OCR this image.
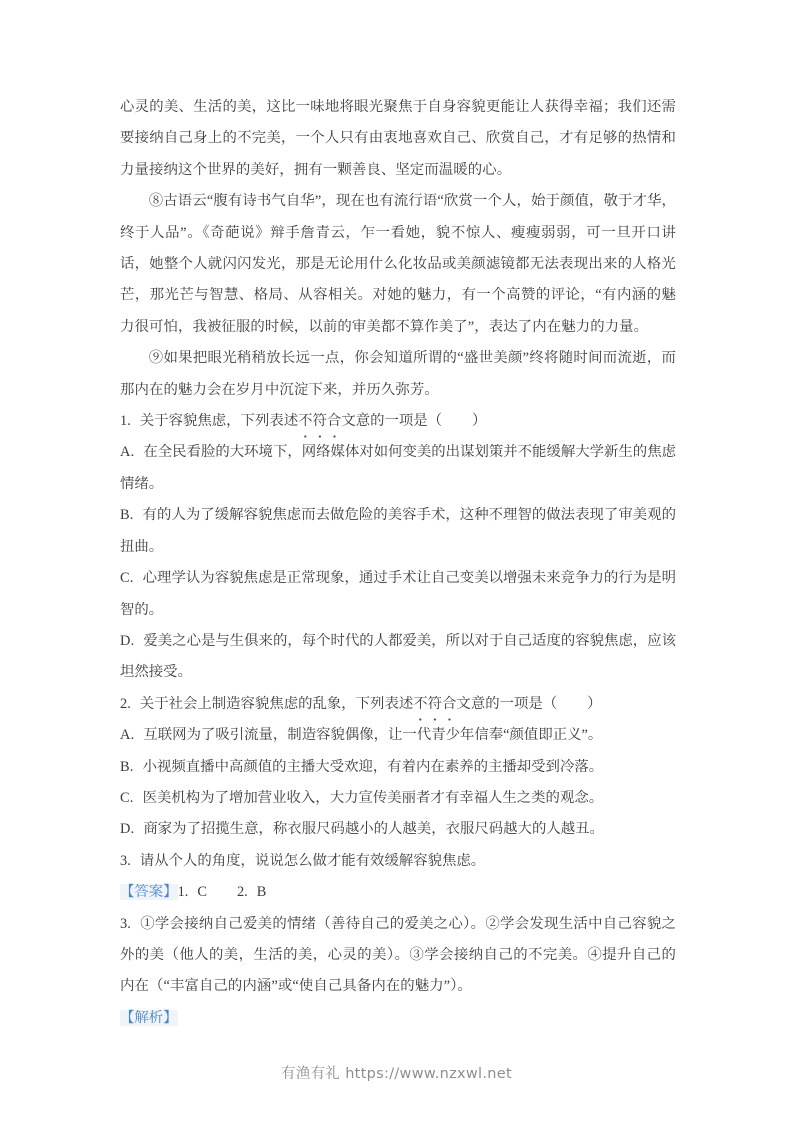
心灵的美、生活的美，这比一味地将眼光聚焦于自身容貌更能让人获得幸福；我们还需要接纳自己身上的不完美，一个人只有由衷地喜欢自己、欣赏自己，才有足够的热情和力量接纳这个世界的美好，拥有一颗善良、坚定而温暖的心。

⑧古语云“腹有诗书气自华”，现在也有流行语“欣赏一个人，始于颜值，敬于才华，终于人品”。《奇葩说》辩手詹青云，乍一看她，貌不惊人、瘦瘦弱弱，可一旦开口讲话，她整个人就闪闪发光，那是无论用什么化妆品或美颜滤镜都无法表现出来的人格光芒，那光芒与智慧、格局、从容相关。对她的魅力，有一个高赞的评论，“有内涵的魅力很可怕，我被征服的时候，以前的审美都不算作美了”，表达了内在魅力的力量。

⑨如果把眼光稍稍放长远一点，你会知道所谓的“盛世美颜”终将随时间而流逝，而那内在的魅力会在岁月中沉淀下来，并历久弥芳。

1. 关于容貌焦虑，下列表述不符合文意的一项是（ ）

A. 在全民看脸的大环境下，网络媒体对如何变美的出谋划策并不能缓解大学新生的焦虑情绪。

B. 有的人为了缓解容貌焦虑而去做危险的美容手术，这种不理智的做法表现了审美观的扭曲。

C. 心理学认为容貌焦虑是正常现象，通过手术让自己变美以增强未来竞争力的行为是明智的。

D. 爱美之心是与生俱来的，每个时代的人都爱美，所以对于自己适度的容貌焦虑，应该坦然接受。

2. 关于社会上制造容貌焦虑的乱象，下列表述不符合文意的一项是（ ）

A. 互联网为了吸引流量，制造容貌偶像，让一代青少年信奉“颜值即正义”。

B. 小视频直播中高颜值的主播大受欢迎，有着内在素养的主播却受到冷落。

C. 医美机构为了增加营业收入，大力宣传美丽者才有幸福人生之类的观念。

D. 商家为了招揽生意，称衣服尺码越小的人越美，衣服尺码越大的人越丑。

3. 请从个人的角度，说说怎么做才能有效缓解容貌焦虑。

【答案】1. C 2. B

3. ①学会接纳自己爱美的情绪（善待自己的爱美之心）。②学会发现生活中自己容貌之外的美（他人的美，生活的美，心灵的美）。③学会接纳自己的不完美。④提升自己的内在（“丰富自己的内涵”或“使自己具备内在的魅力”）。

【解析】

有渔有礼 https://www.nzxwl.net
